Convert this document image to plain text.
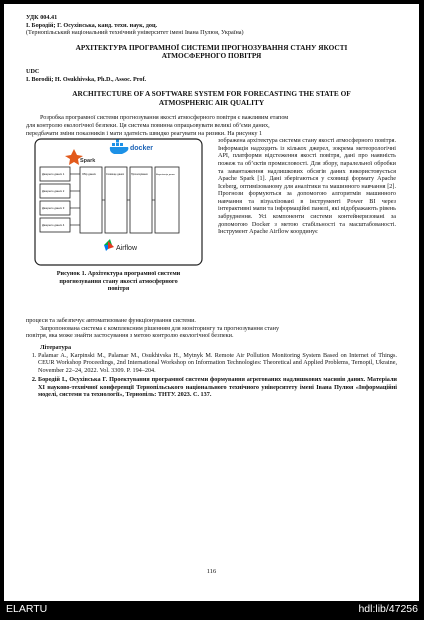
УДК 004.41

І. Бородій; Г. Осухівська, канд. техн. наук, доц.

(Тернопільський національний технічний університет імені Івана Пулюя, Україна)

АРХІТЕКТУРА ПРОГРАМНОЇ СИСТЕМИ ПРОГНОЗУВАННЯ СТАНУ ЯКОСТІ

АТМОСФЕРНОГО ПОВІТРЯ

UDC

I. Borodii; H. Osukhivska, Ph.D., Assoc. Prof.

ARCHITECTURE OF A SOFTWARE SYSTEM FOR FORECASTING THE STATE OF

ATMOSPHERIC AIR QUALITY

Розробка програмної системи прогнозування якості атмосферного повітря є важливим етапом

для контролю екологічної безпеки. Ця система повинна опрацьовувати великі об’єми даних,

передбачати зміни показників і мати здатність швидко реагувати на ризики. На рисунку 1

docker
Spark
Джерело даних 1
Джерело даних 2
Джерело даних 3
Джерело даних 4
Збір даних	Сховище даних	Прогнозування	Візуалізація даних
Airflow
Рисунок 1. Архітектура програмної системи
прогнозування стану якості атмосферного
повітря

зображена архітектура системи стану якості атмосферного повітря. Інформація надходить із кількох джерел, зокрема метеорологічні API, платформи відстеження якості повітря, дані про наявність пожеж та об’єктів промисловості. Для збору, паралельної обробки та завантаження надлишкових обсягів даних використовується Apache Spark [1]. Дані зберігаються у сховищі формату Apache Iceberg, оптимізованому для аналітики та машинного навчання [2]. Прогнози формуються за допомогою алгоритмів машинного навчання та візуалізовані в інструменті Power BI через інтерактивні мапи та інформаційні панелі, які відображають рівень забруднення. Усі компоненти системи контейнеризовані за допомогою Docker з метою стабільності та масштабованості. Інструмент Apache Airflow координує

процеси та забезпечує автоматизоване функціонування системи.

Запропонована система є комплексним рішенням для моніторингу та прогнозування стану

повітря, яка може знайти застосування з метою контролю екологічної безпеки.

Література

1. Palamar A., Karpinski M., Palamar M., Osukhivska H., Mytnyk M. Remote Air Pollution Monitoring System Based on Internet of Things. CEUR Workshop Proceedings, 2nd International Workshop on Information Technologies: Theoretical and Applied Problems, Ternopil, Ukraine, November 22–24, 2022. Vol. 3309. P. 194–204.
2. Бородій І., Осухівська Г. Проектування програмної системи формування агрегованих надлишкових масивів даних. Матеріали ХІ науково-технічної конференції Тернопільського національного технічного університету імені Івана Пулюя «Інформаційні моделі, системи та технології», Тернопіль: ТНТУ. 2023. С. 137.
116
ELARTU	hdl:lib/47256
